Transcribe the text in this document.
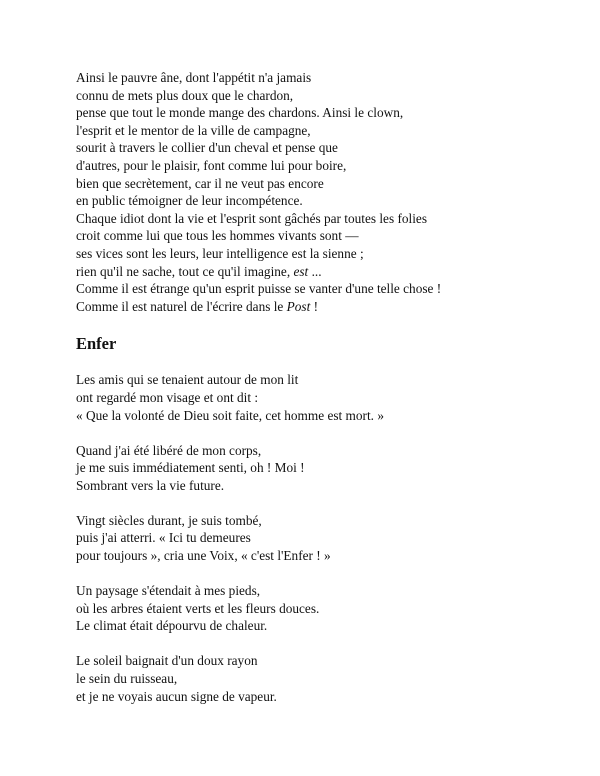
Ainsi le pauvre âne, dont l'appétit n'a jamais
connu de mets plus doux que le chardon,
pense que tout le monde mange des chardons. Ainsi le clown,
l'esprit et le mentor de la ville de campagne,
sourit à travers le collier d'un cheval et pense que
d'autres, pour le plaisir, font comme lui pour boire,
bien que secrètement, car il ne veut pas encore
en public témoigner de leur incompétence.
Chaque idiot dont la vie et l'esprit sont gâchés par toutes les folies
croit comme lui que tous les hommes vivants sont —
ses vices sont les leurs, leur intelligence est la sienne ;
rien qu'il ne sache, tout ce qu'il imagine, est ...
Comme il est étrange qu'un esprit puisse se vanter d'une telle chose !
Comme il est naturel de l'écrire dans le Post !
Enfer
Les amis qui se tenaient autour de mon lit
ont regardé mon visage et ont dit :
« Que la volonté de Dieu soit faite, cet homme est mort. »
Quand j'ai été libéré de mon corps,
je me suis immédiatement senti, oh ! Moi !
Sombrant vers la vie future.
Vingt siècles durant, je suis tombé,
puis j'ai atterri. « Ici tu demeures
pour toujours », cria une Voix, « c'est l'Enfer ! »
Un paysage s'étendait à mes pieds,
où les arbres étaient verts et les fleurs douces.
Le climat était dépourvu de chaleur.
Le soleil baignait d'un doux rayon
le sein du ruisseau,
et je ne voyais aucun signe de vapeur.
